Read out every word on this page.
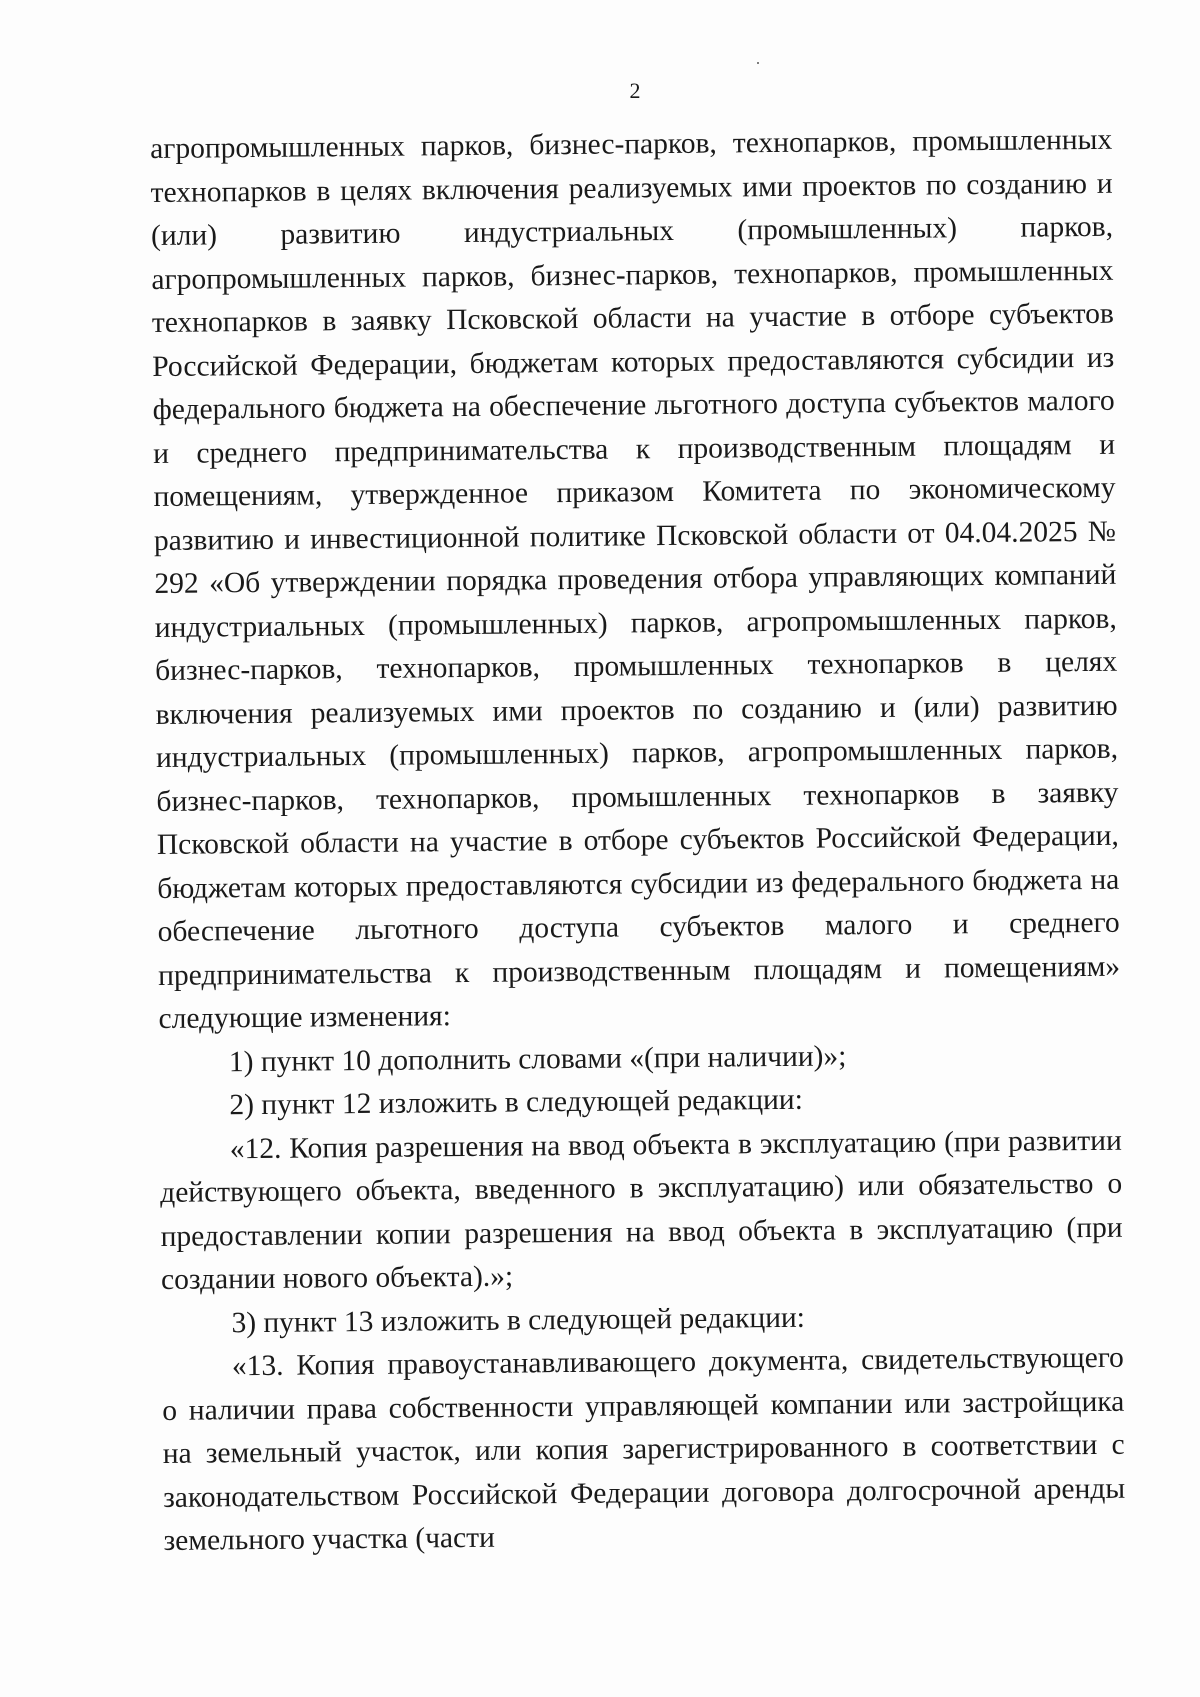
2

агропромышленных парков, бизнес-парков, технопарков, промышленных технопарков в целях включения реализуемых ими проектов по созданию и (или) развитию индустриальных (промышленных) парков, агропромышленных парков, бизнес-парков, технопарков, промышленных технопарков в заявку Псковской области на участие в отборе субъектов Российской Федерации, бюджетам которых предоставляются субсидии из федерального бюджета на обеспечение льготного доступа субъектов малого и среднего предпринимательства к производственным площадям и помещениям, утвержденное приказом Комитета по экономическому развитию и инвестиционной политике Псковской области от 04.04.2025 № 292 «Об утверждении порядка проведения отбора управляющих компаний индустриальных (промышленных) парков, агропромышленных парков, бизнес-парков, технопарков, промышленных технопарков в целях включения реализуемых ими проектов по созданию и (или) развитию индустриальных (промышленных) парков, агропромышленных парков, бизнес-парков, технопарков, промышленных технопарков в заявку Псковской области на участие в отборе субъектов Российской Федерации, бюджетам которых предоставляются субсидии из федерального бюджета на обеспечение льготного доступа субъектов малого и среднего предпринимательства к производственным площадям и помещениям» следующие изменения:

1) пункт 10 дополнить словами «(при наличии)»;

2) пункт 12 изложить в следующей редакции:

«12. Копия разрешения на ввод объекта в эксплуатацию (при развитии действующего объекта, введенного в эксплуатацию) или обязательство о предоставлении копии разрешения на ввод объекта в эксплуатацию (при создании нового объекта).»;

3) пункт 13 изложить в следующей редакции:

«13. Копия правоустанавливающего документа, свидетельствующего о наличии права собственности управляющей компании или застройщика на земельный участок, или копия зарегистрированного в соответствии с законодательством Российской Федерации договора долгосрочной аренды земельного участка (части
